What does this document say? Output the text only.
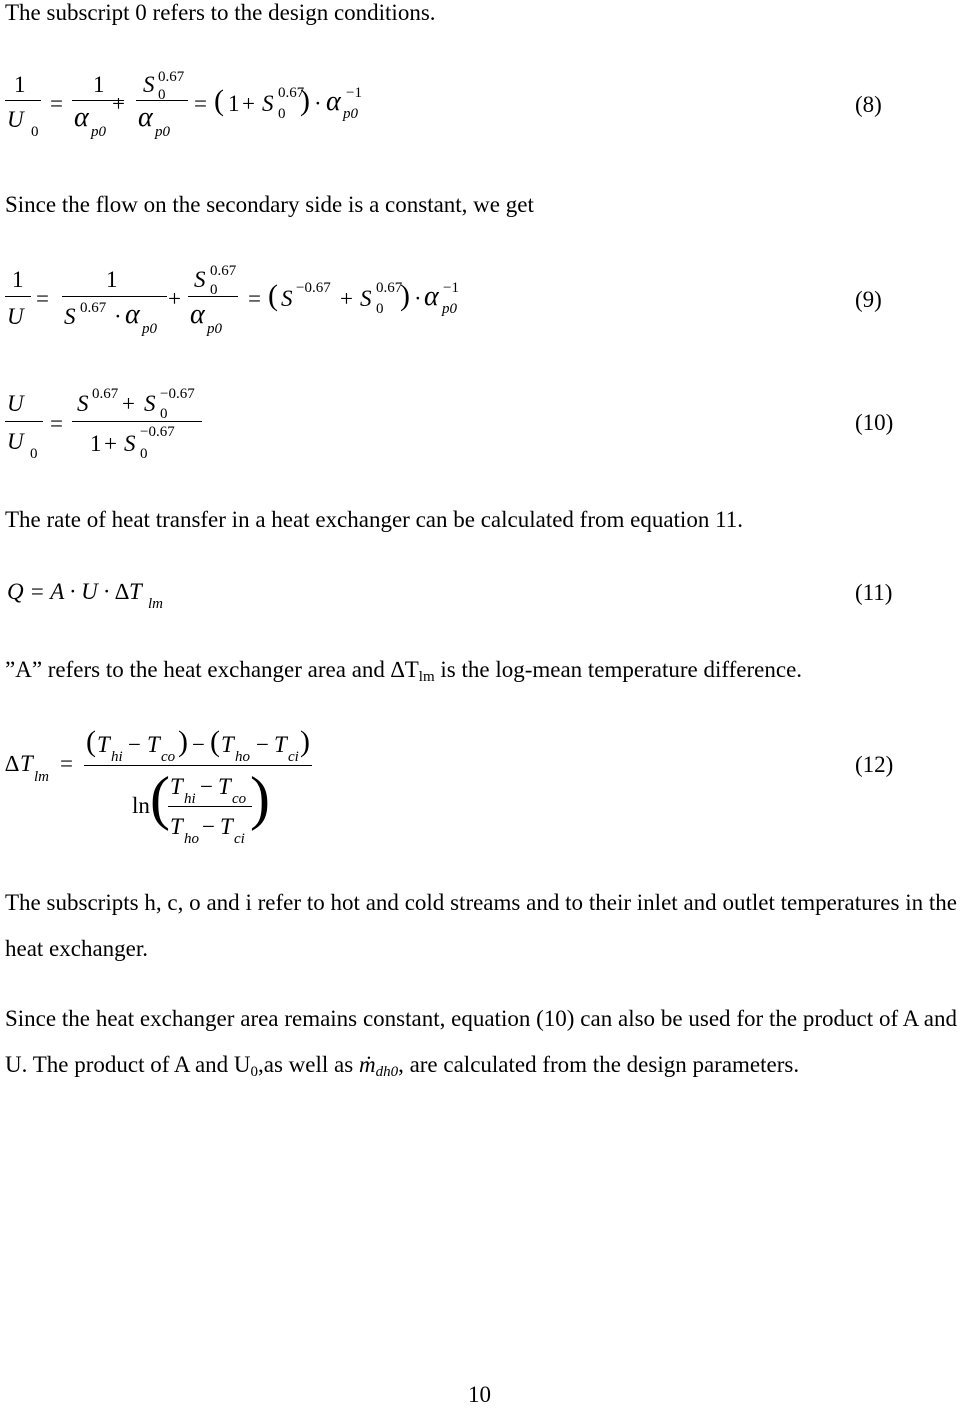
The subscript 0 refers to the design conditions.
1
U 0
=
1
α p0
+
S 0.67
0
α p0
= ( 1 + S 0.67
0 ) · α −1
p0	(8)
Since the flow on the secondary side is a constant, we get
1
U
=
1
S 0.67 · α p0
+
S 0.67
0
α p0
= ( S −0.67 + S 0.67
0 ) · α −1
p0	(9)
U
U 0
=
S 0.67 + S −0.67
0
1 + S −0.67
0
(10)
The rate of heat transfer in a heat exchanger can be calculated from equation 11.
Q = A · U · ∆T lm	(11)
”A” refers to the heat exchanger area and $\Delta T_{lm}$ is the log-mean temperature difference.
∆ T
lm
=
( T hi − T co ) − ( T ho − T ci )
ln ( T hi − T co
T ho − T ci
)
(12)
The subscripts h, c, o and i refer to hot and cold streams and to their inlet and outlet temperatures in the heat exchanger.
Since the heat exchanger area remains constant, equation (10) can also be used for the product of A and U. The product of A and $U_0,as$ well as $ṁ_{dh0}$, are calculated from the design parameters.
10
